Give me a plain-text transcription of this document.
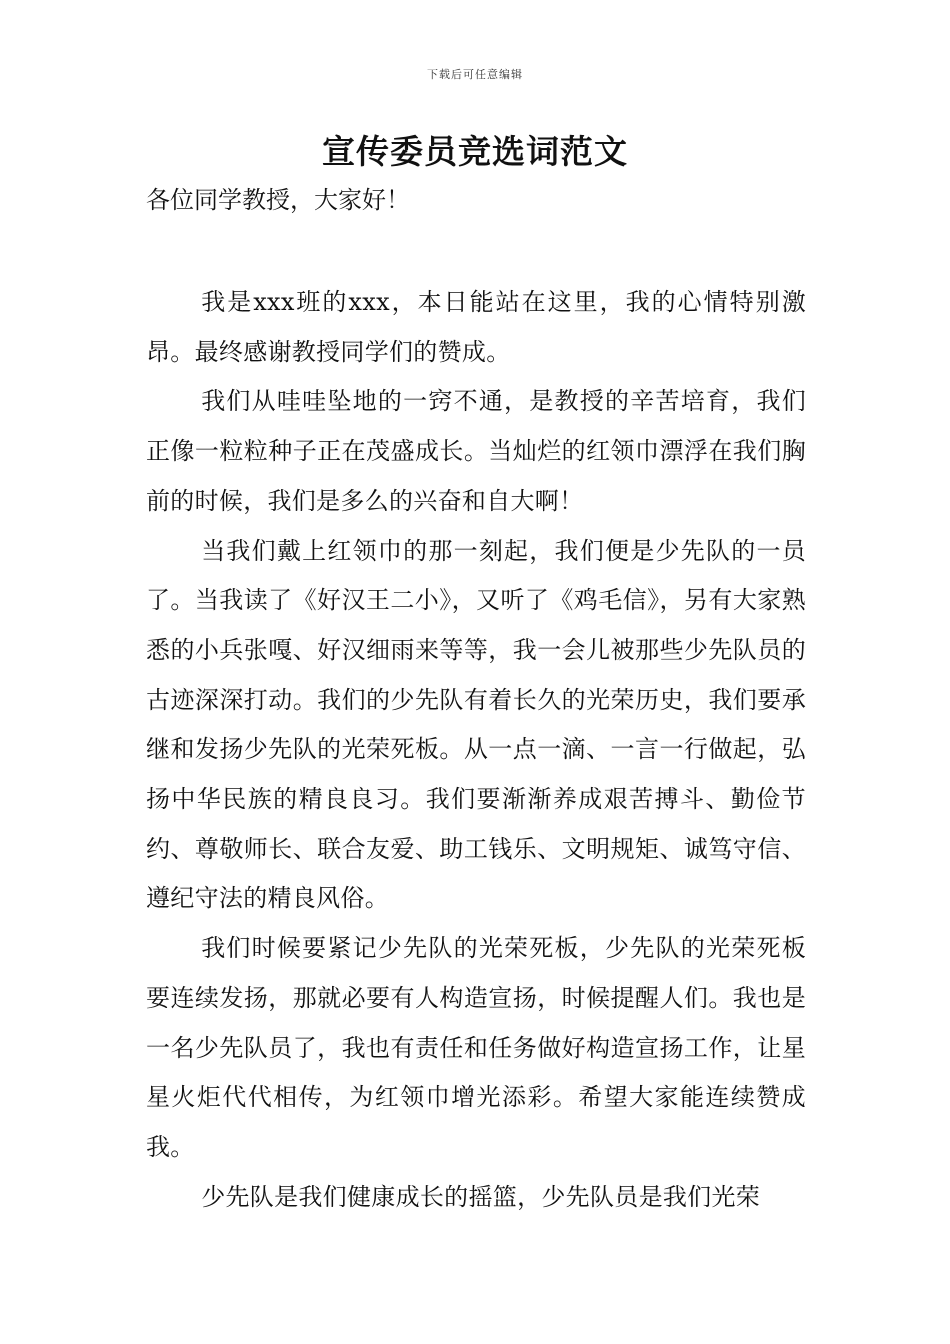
下载后可任意编辑
宣传委员竞选词范文

各位同学教授，大家好！

我是xxx班的xxx，本日能站在这里，我的心情特别激昂。最终感谢教授同学们的赞成。

我们从哇哇坠地的一窍不通，是教授的辛苦培育，我们正像一粒粒种子正在茂盛成长。当灿烂的红领巾漂浮在我们胸前的时候，我们是多么的兴奋和自大啊！

当我们戴上红领巾的那一刻起，我们便是少先队的一员了。当我读了《好汉王二小》，又听了《鸡毛信》，另有大家熟悉的小兵张嘎、好汉细雨来等等，我一会儿被那些少先队员的古迹深深打动。我们的少先队有着长久的光荣历史，我们要承继和发扬少先队的光荣死板。从一点一滴、一言一行做起，弘扬中华民族的精良良习。我们要渐渐养成艰苦搏斗、勤俭节约、尊敬师长、联合友爱、助工钱乐、文明规矩、诚笃守信、遵纪守法的精良风俗。

我们时候要紧记少先队的光荣死板，少先队的光荣死板要连续发扬，那就必要有人构造宣扬，时候提醒人们。我也是一名少先队员了，我也有责任和任务做好构造宣扬工作，让星星火炬代代相传，为红领巾增光添彩。希望大家能连续赞成我。

少先队是我们健康成长的摇篮，少先队员是我们光荣
